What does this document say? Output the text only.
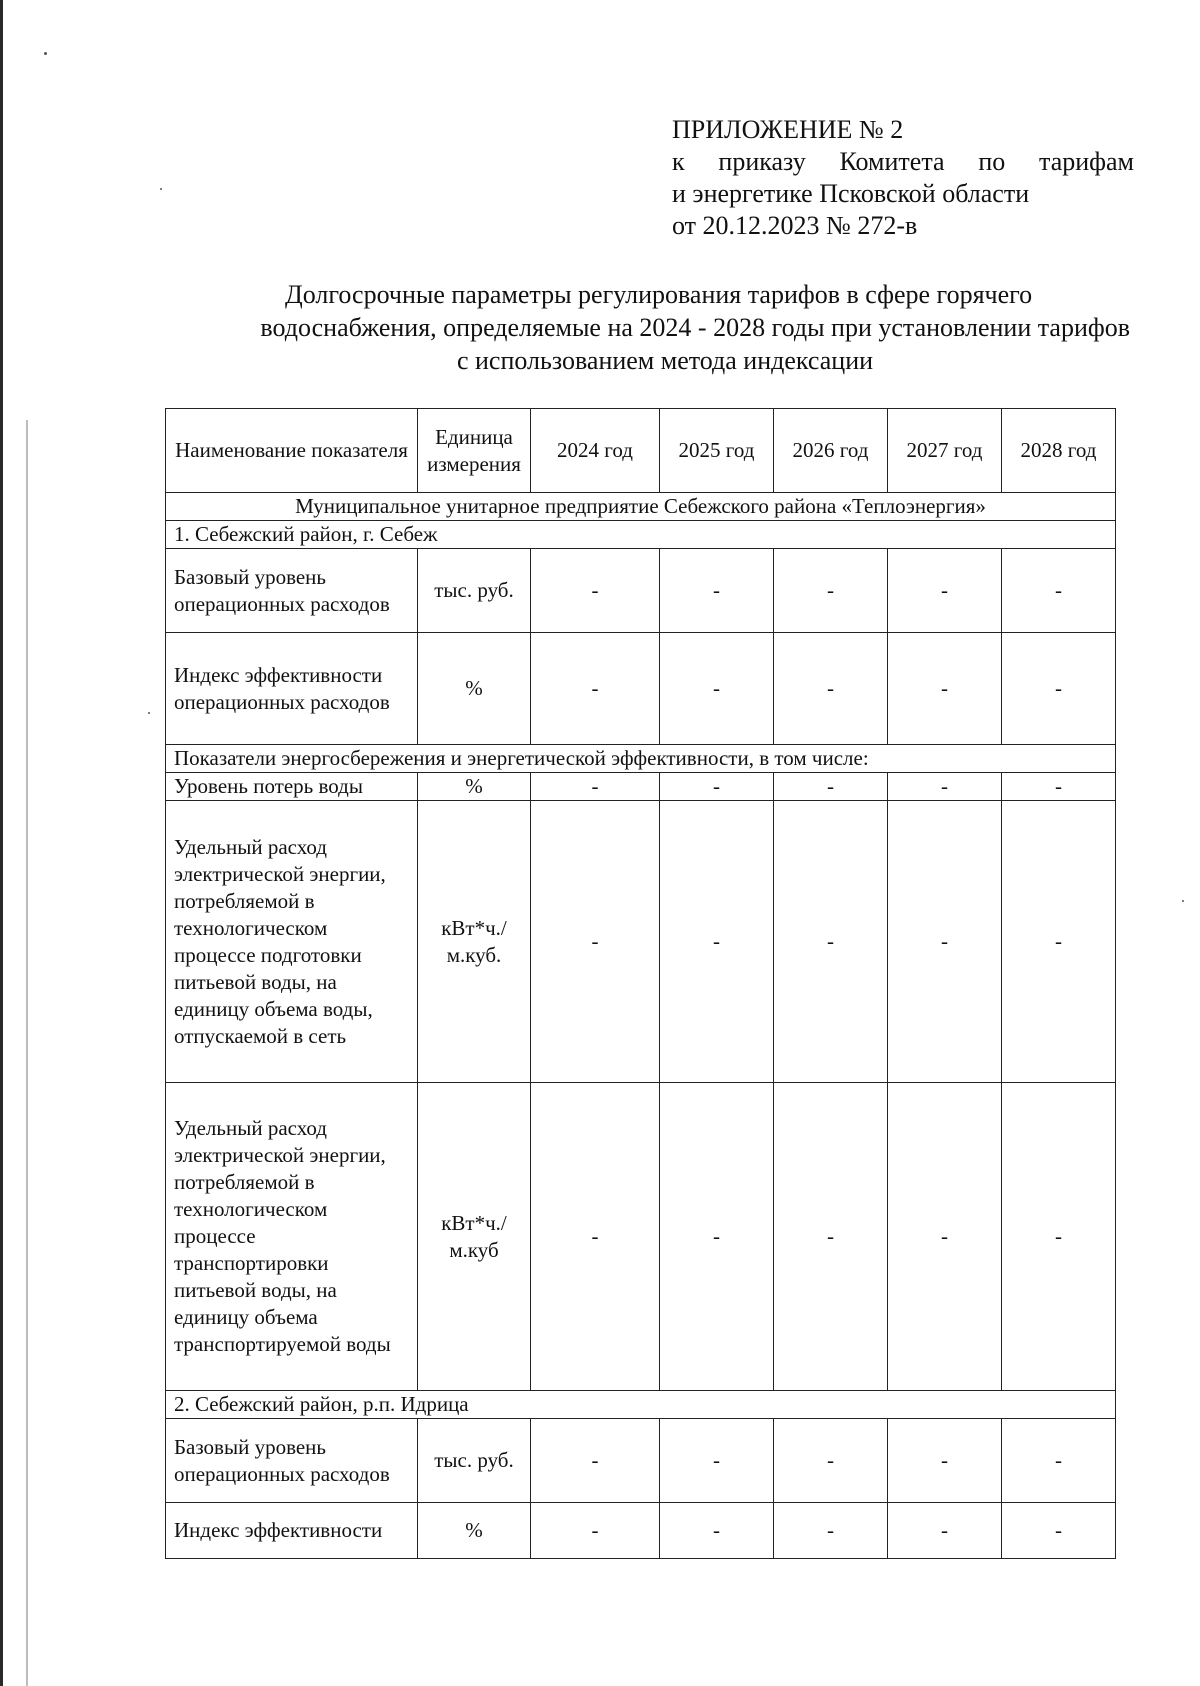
ПРИЛОЖЕНИЕ № 2
к приказу Комитета по тарифам
и энергетике Псковской области
от 20.12.2023 № 272-в
Долгосрочные параметры регулирования тарифов в сфере горячего
водоснабжения, определяемые на 2024 - 2028 годы при установлении тарифов
с использованием метода индексации
Наименование показателя	Единица измерения	2024 год	2025 год	2026 год	2027 год	2028 год
Муниципальное унитарное предприятие Себежского района «Теплоэнергия»						
1. Себежский район, г. Себеж						
Базовый уровень операционных расходов	тыс. руб.	-	-	-	-	-
Индекс эффективности операционных расходов	%	-	-	-	-	-
Показатели энергосбережения и энергетической эффективности, в том числе:						
Уровень потерь воды	%	-	-	-	-	-
Удельный расход электрической энергии, потребляемой в технологическом процессе подготовки питьевой воды, на единицу объема воды, отпускаемой в сеть	кВт*ч./м.куб.	-	-	-	-	-
Удельный расход электрической энергии, потребляемой в технологическом процессе транспортировки питьевой воды, на единицу объема транспортируемой воды	кВт*ч./м.куб	-	-	-	-	-
2. Себежский район, р.п. Идрица						
Базовый уровень операционных расходов	тыс. руб.	-	-	-	-	-
Индекс эффективности	%	-	-	-	-	-
